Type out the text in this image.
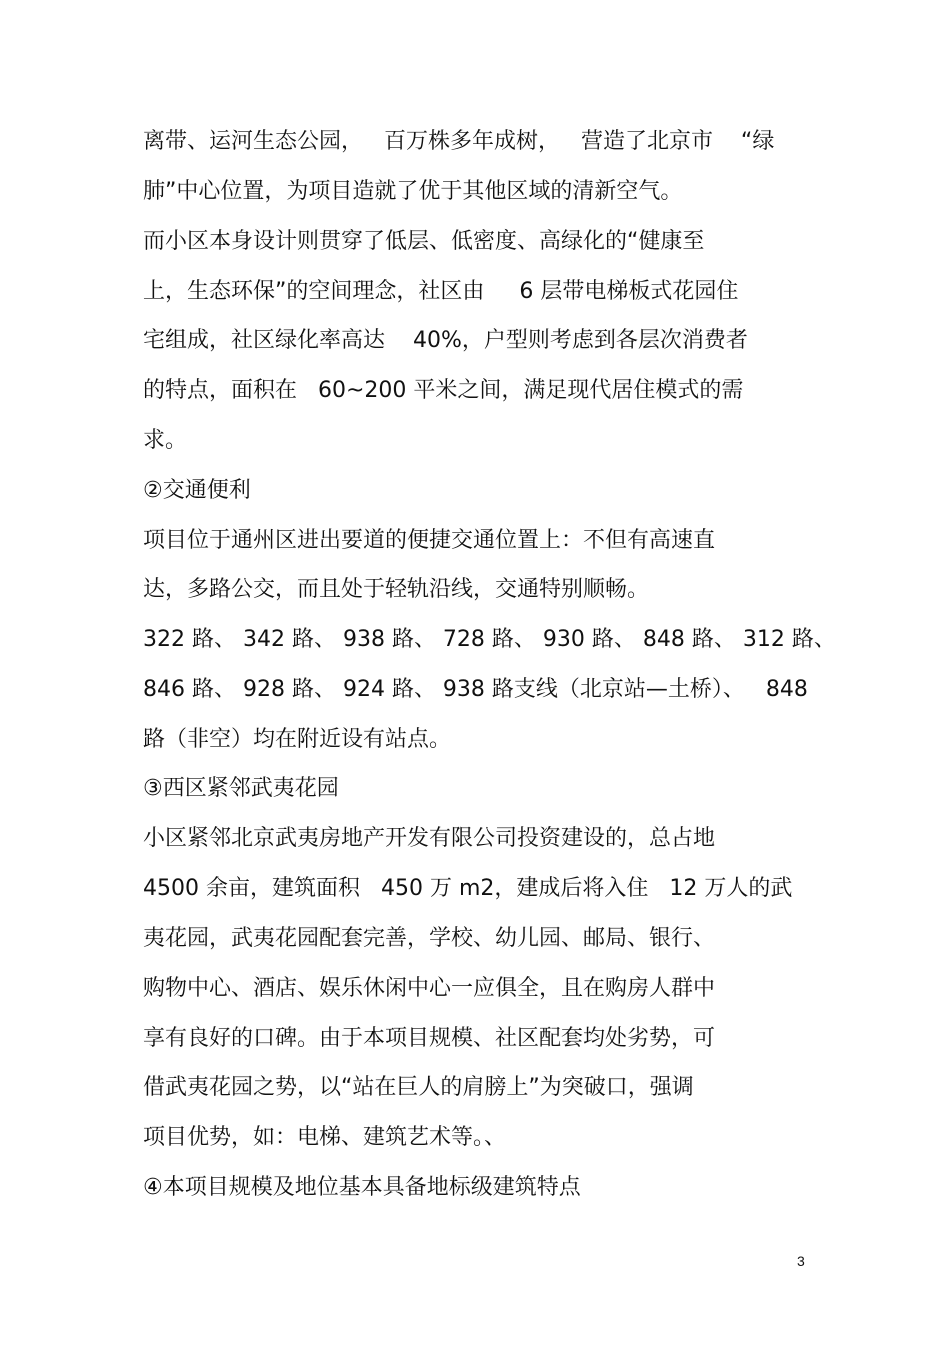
离带、运河生态公园，   百万株多年成树，   营造了北京市    “绿
肺”中心位置，为项目造就了优于其他区域的清新空气。
而小区本身设计则贯穿了低层、低密度、高绿化的“健康至
上，生态环保”的空间理念，社区由     6 层带电梯板式花园住
宅组成，社区绿化率高达    40%，户型则考虑到各层次消费者
的特点，面积在   60~200 平米之间，满足现代居住模式的需
求。
②交通便利
项目位于通州区进出要道的便捷交通位置上：不但有高速直
达，多路公交，而且处于轻轨沿线，交通特别顺畅。
322 路、 342 路、 938 路、 728 路、 930 路、 848 路、 312 路、
846 路、 928 路、 924 路、 938 路支线（北京站—土桥）、   848
路（非空）均在附近设有站点。
③西区紧邻武夷花园
小区紧邻北京武夷房地产开发有限公司投资建设的，总占地
4500 余亩，建筑面积   450 万 m2，建成后将入住   12 万人的武
夷花园，武夷花园配套完善，学校、幼儿园、邮局、银行、
购物中心、酒店、娱乐休闲中心一应俱全，且在购房人群中
享有良好的口碑。由于本项目规模、社区配套均处劣势，可
借武夷花园之势，以“站在巨人的肩膀上”为突破口，强调
项目优势，如：电梯、建筑艺术等。、
④本项目规模及地位基本具备地标级建筑特点
3
